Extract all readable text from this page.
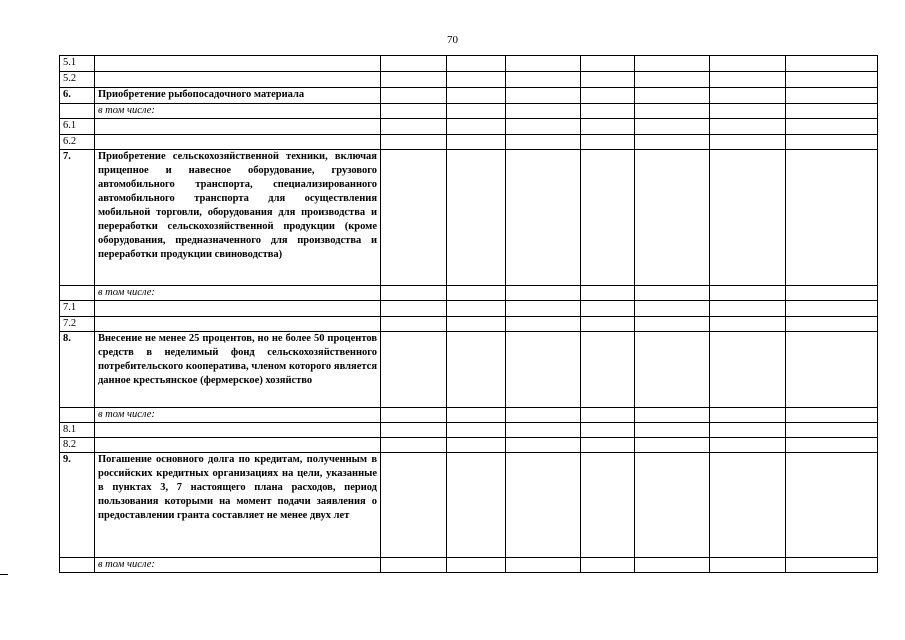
70
5.1								
5.2								
6.	Приобретение рыбопосадочного материала							
	в том числе:							
6.1								
6.2								
7.	Приобретение сельскохозяйственной техники, включая прицепное и навесное оборудование, грузового автомобильного транспорта, специализированного автомобильного транспорта для осуществления мобильной торговли, оборудования для производства и переработки сельскохозяйственной продукции (кроме оборудования, предназначенного для производства и переработки продукции свиноводства)							
	в том числе:							
7.1								
7.2								
8.	Внесение не менее 25 процентов, но не более 50 процентов средств в неделимый фонд сельскохозяйственного потребительского кооператива, членом которого является данное крестьянское (фермерское) хозяйство							
	в том числе:							
8.1								
8.2								
9.	Погашение основного долга по кредитам, полученным в российских кредитных организациях на цели, указанные в пунктах 3, 7 настоящего плана расходов, период пользования которыми на момент подачи заявления о предоставлении гранта составляет не менее двух лет							
	в том числе:							
